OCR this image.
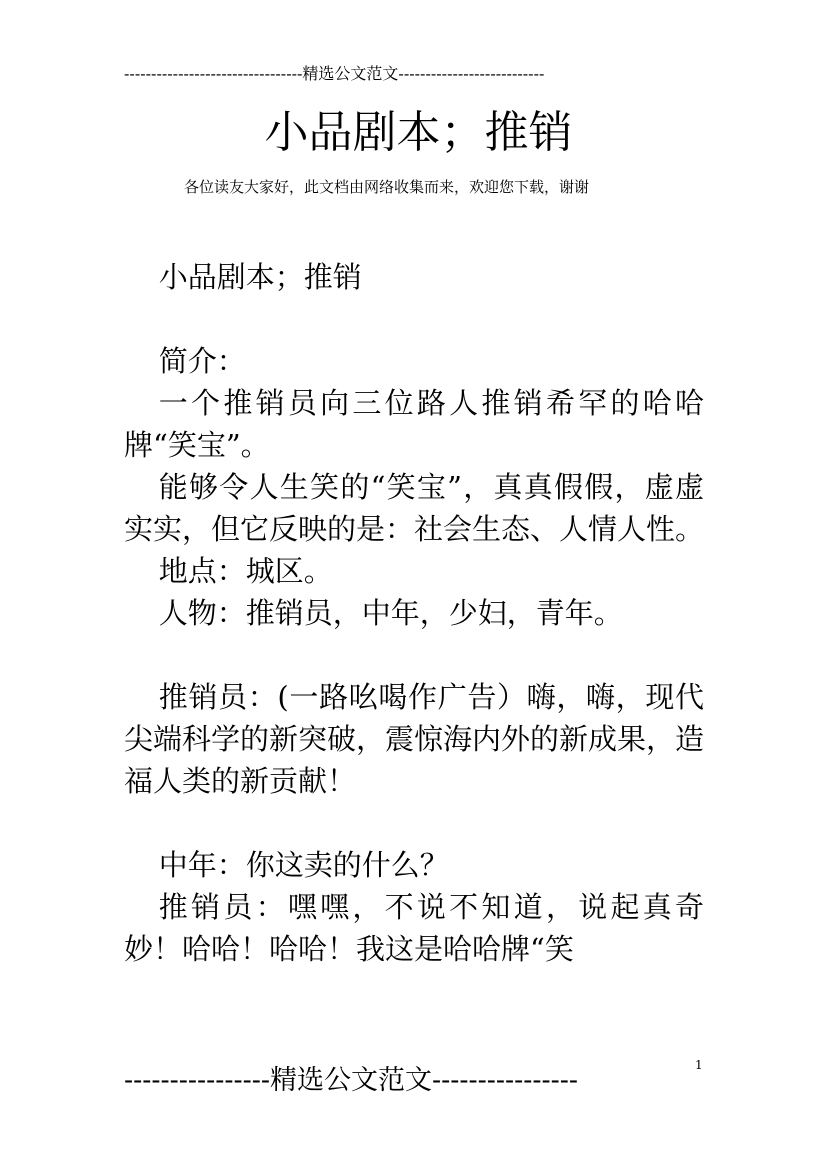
---------------------------------精选公文范文---------------------------
小品剧本；推销
各位读友大家好，此文档由网络收集而来，欢迎您下载，谢谢

小品剧本；推销

简介：

一个推销员向三位路人推销希罕的哈哈牌“笑宝”。

能够令人生笑的“笑宝”，真真假假，虚虚实实，但它反映的是：社会生态、人情人性。

地点：城区。

人物：推销员，中年，少妇，青年。

推销员：(一路吆喝作广告）嗨，嗨，现代尖端科学的新突破，震惊海内外的新成果，造福人类的新贡献！

中年：你这卖的什么？

推销员：嘿嘿，不说不知道，说起真奇妙！哈哈！哈哈！我这是哈哈牌“笑

1
----------------精选公文范文----------------
